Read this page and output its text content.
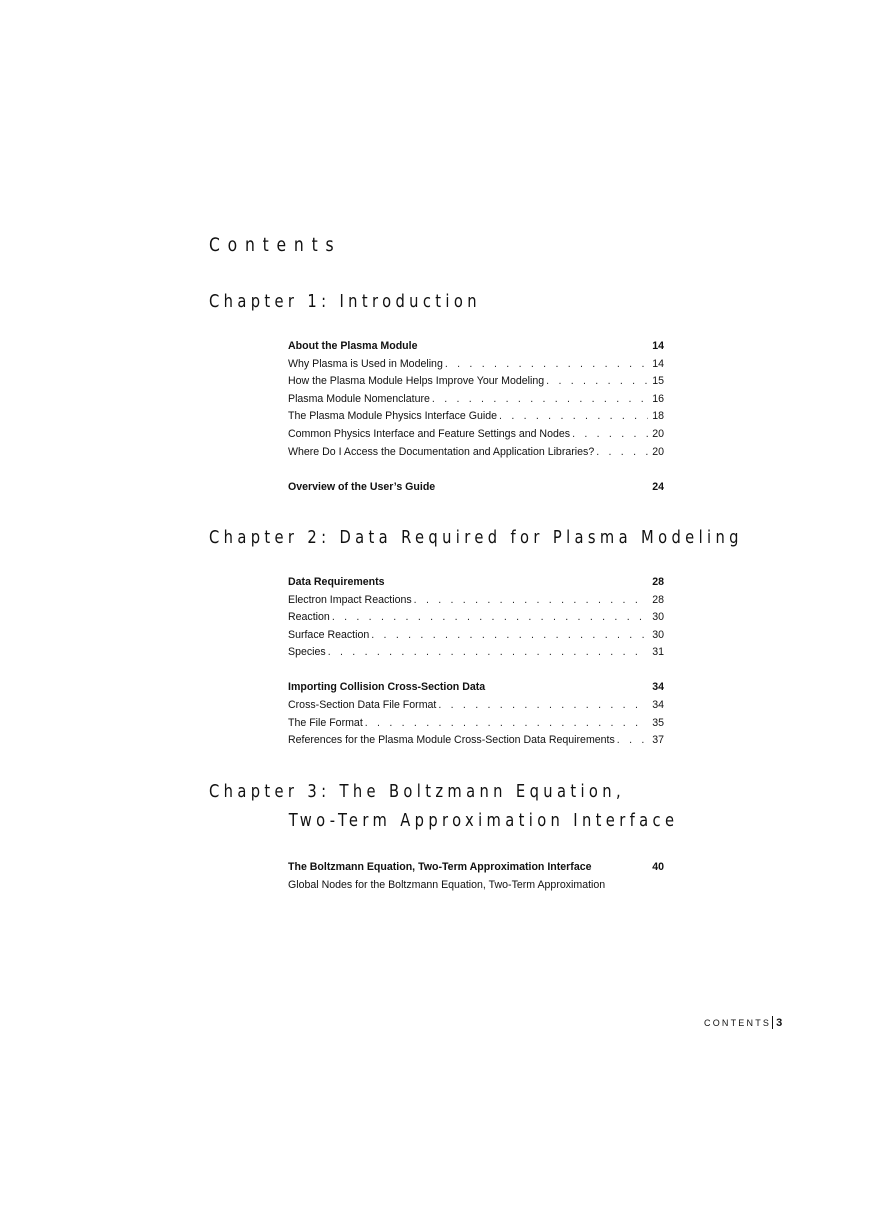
Contents
Chapter 1: Introduction
About the Plasma Module	14
Why Plasma is Used in Modeling . . .	14
How the Plasma Module Helps Improve Your Modeling . . .	15
Plasma Module Nomenclature . . .	16
The Plasma Module Physics Interface Guide . . .	18
Common Physics Interface and Feature Settings and Nodes . . .	20
Where Do I Access the Documentation and Application Libraries? . . .	20
Overview of the User’s Guide	24
Chapter 2: Data Required for Plasma Modeling
Data Requirements	28
Electron Impact Reactions . . .	28
Reaction . . .	30
Surface Reaction . . .	30
Species . . .	31
Importing Collision Cross-Section Data	34
Cross-Section Data File Format . . .	34
The File Format . . .	35
References for the Plasma Module Cross-Section Data Requirements . . .	37
Chapter 3: The Boltzmann Equation,
Two-Term Approximation Interface
The Boltzmann Equation, Two-Term Approximation Interface	40
Global Nodes for the Boltzmann Equation, Two-Term Approximation
CONTENTS 3
